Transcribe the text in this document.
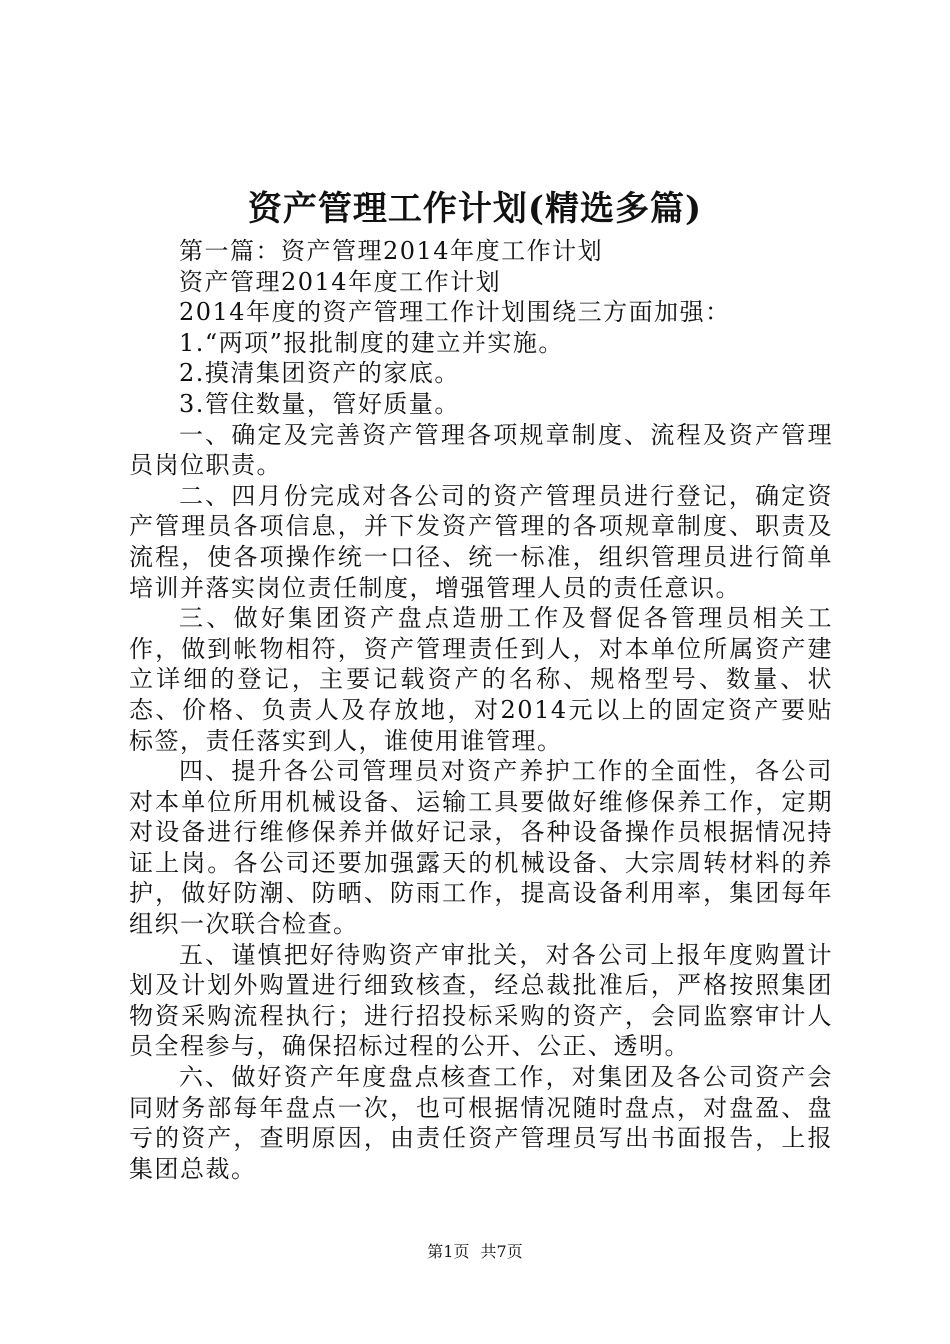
资产管理工作计划(精选多篇)

第一篇：资产管理2014年度工作计划

资产管理2014年度工作计划

2014年度的资产管理工作计划围绕三方面加强：

1.“两项”报批制度的建立并实施。

2.摸清集团资产的家底。

3.管住数量，管好质量。

一、确定及完善资产管理各项规章制度、流程及资产管理员岗位职责。

二、四月份完成对各公司的资产管理员进行登记，确定资产管理员各项信息，并下发资产管理的各项规章制度、职责及流程，使各项操作统一口径、统一标准，组织管理员进行简单培训并落实岗位责任制度，增强管理人员的责任意识。

三、做好集团资产盘点造册工作及督促各管理员相关工作，做到帐物相符，资产管理责任到人，对本单位所属资产建立详细的登记，主要记载资产的名称、规格型号、数量、状态、价格、负责人及存放地，对2014元以上的固定资产要贴标签，责任落实到人，谁使用谁管理。

四、提升各公司管理员对资产养护工作的全面性，各公司对本单位所用机械设备、运输工具要做好维修保养工作，定期对设备进行维修保养并做好记录，各种设备操作员根据情况持证上岗。各公司还要加强露天的机械设备、大宗周转材料的养护，做好防潮、防晒、防雨工作，提高设备利用率，集团每年组织一次联合检查。

五、谨慎把好待购资产审批关，对各公司上报年度购置计划及计划外购置进行细致核查，经总裁批准后，严格按照集团物资采购流程执行；进行招投标采购的资产，会同监察审计人员全程参与，确保招标过程的公开、公正、透明。

六、做好资产年度盘点核查工作，对集团及各公司资产会同财务部每年盘点一次，也可根据情况随时盘点，对盘盈、盘亏的资产，查明原因，由责任资产管理员写出书面报告，上报集团总裁。

第1页 共7页
